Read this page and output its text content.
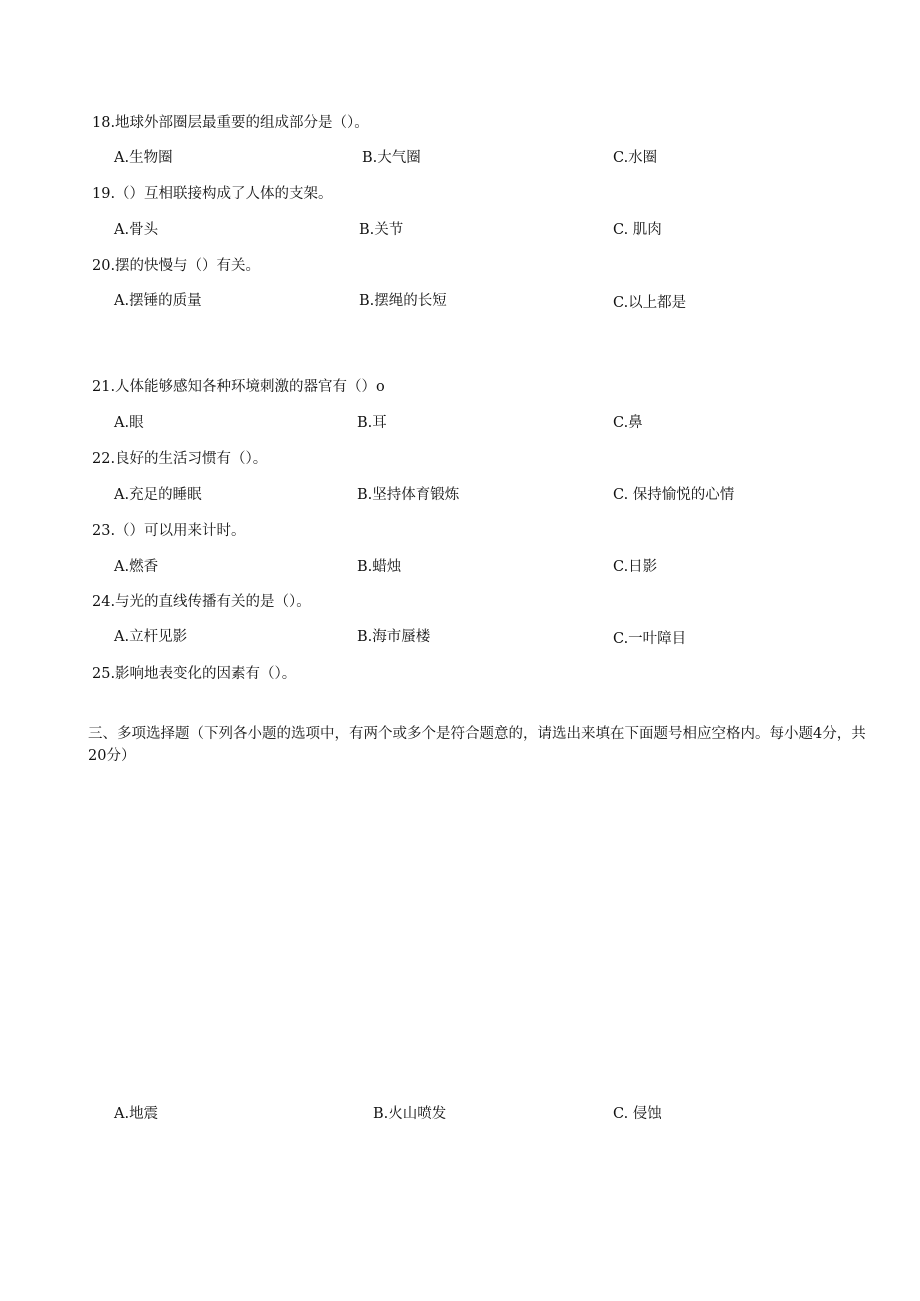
18.地球外部圈层最重要的组成部分是（）。
A.生物圈	B.大气圈	C.水圈
19.（）互相联接构成了人体的支架。
A.骨头	B.关节	C. 肌肉
20.摆的快慢与（）有关。
A.摆锤的质量	B.摆绳的长短	C.以上都是
21.人体能够感知各种环境刺激的器官有（）o
A.眼	B.耳	C.鼻
22.良好的生活习惯有（）。
A.充足的睡眠	B.坚持体育锻炼	C. 保持愉悦的心情
23.（）可以用来计时。
A.燃香	B.蜡烛	C.日影
24.与光的直线传播有关的是（）。
A.立杆见影	B.海市蜃楼	C.一叶障目
25.影响地表变化的因素有（）。
三、多项选择题（下列各小题的选项中，有两个或多个是符合题意的，请选出来填在下面题号相应空格内。每小题4分，共20分）
A.地震	B.火山喷发	C. 侵蚀
